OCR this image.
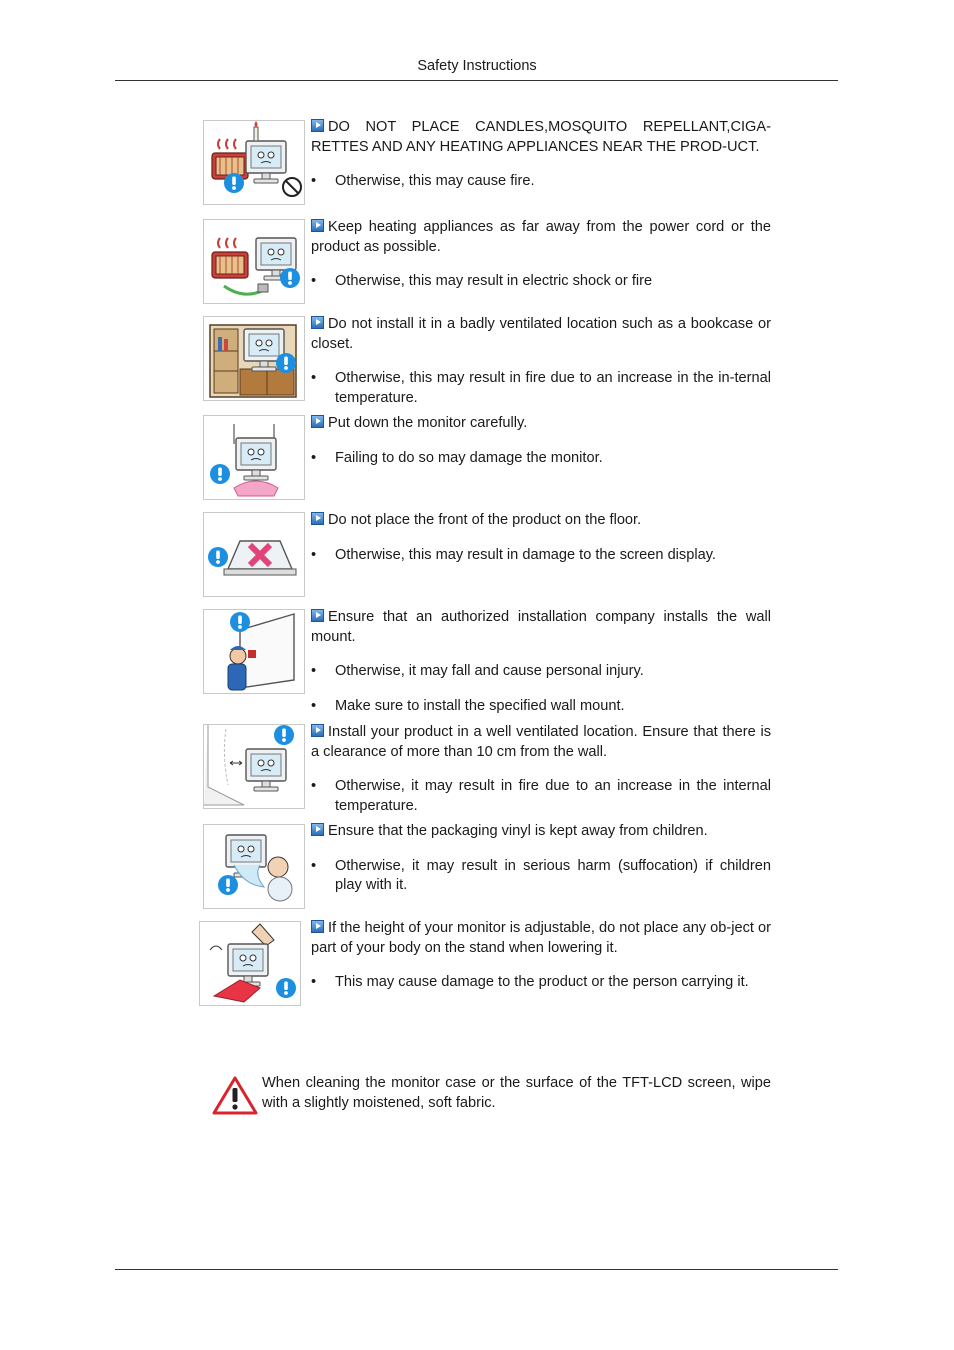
Safety Instructions

DO NOT PLACE CANDLES,MOSQUITO REPELLANT,CIGA-RETTES AND ANY HEATING APPLIANCES NEAR THE PROD-UCT.

• Otherwise, this may cause fire.

Keep heating appliances as far away from the power cord or the product as possible.

• Otherwise, this may result in electric shock or fire

Do not install it in a badly ventilated location such as a bookcase or closet.

• Otherwise, this may result in fire due to an increase in the in-ternal temperature.

Put down the monitor carefully.

• Failing to do so may damage the monitor.

Do not place the front of the product on the floor.

• Otherwise, this may result in damage to the screen display.

Ensure that an authorized installation company installs the wall mount.

• Otherwise, it may fall and cause personal injury.
• Make sure to install the specified wall mount.

Install your product in a well ventilated location. Ensure that there is a clearance of more than 10 cm from the wall.

• Otherwise, it may result in fire due to an increase in the internal temperature.

Ensure that the packaging vinyl is kept away from children.

• Otherwise, it may result in serious harm (suffocation) if children play with it.

If the height of your monitor is adjustable, do not place any ob-ject or part of your body on the stand when lowering it.

• This may cause damage to the product or the person carrying it.
When cleaning the monitor case or the surface of the TFT-LCD screen, wipe with a slightly moistened, soft fabric.
